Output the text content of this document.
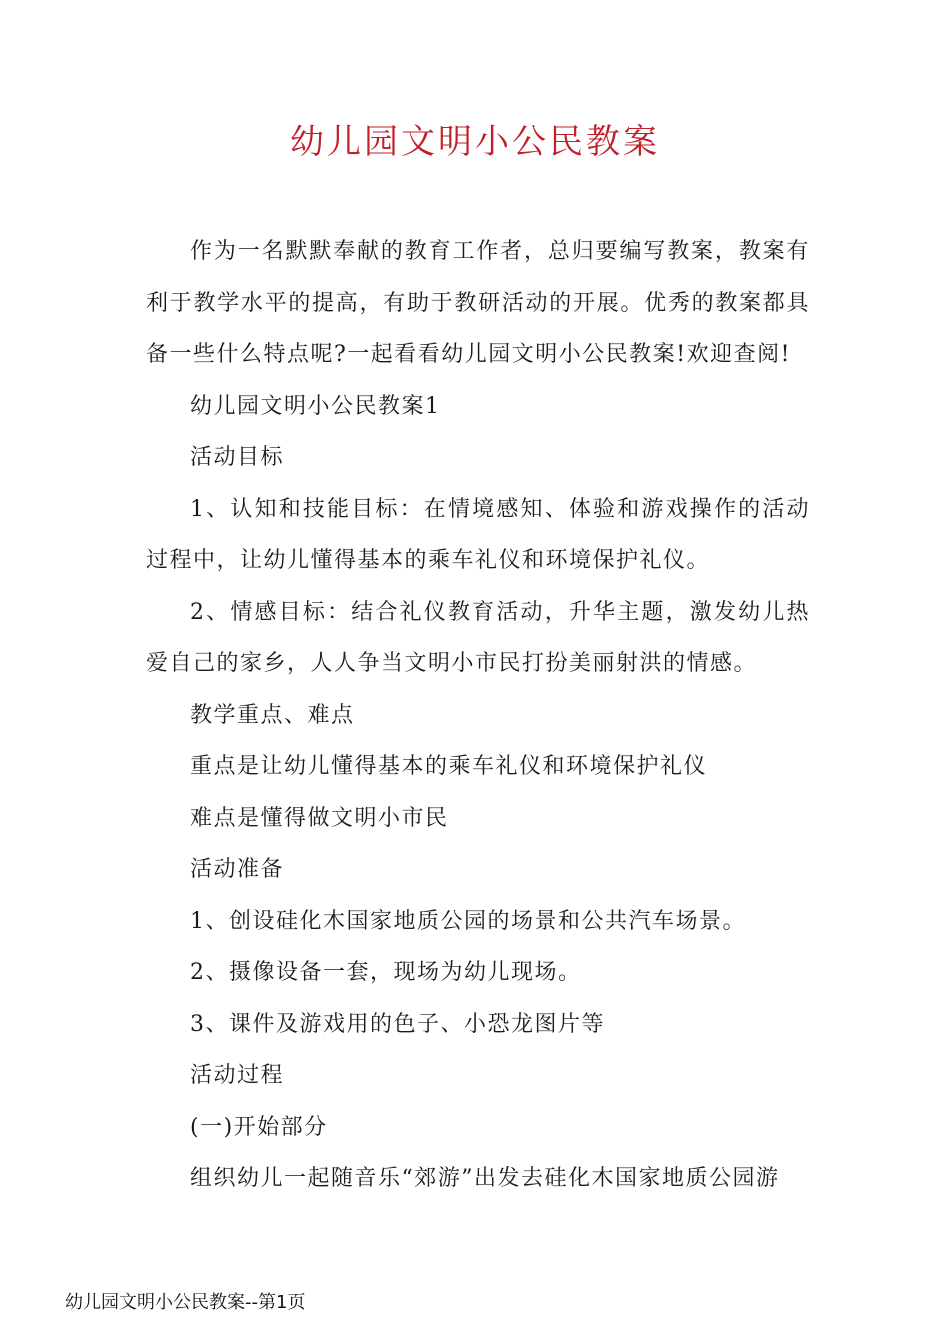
幼儿园文明小公民教案

作为一名默默奉献的教育工作者，总归要编写教案，教案有利于教学水平的提高，有助于教研活动的开展。优秀的教案都具备一些什么特点呢?一起看看幼儿园文明小公民教案!欢迎查阅!

幼儿园文明小公民教案1

活动目标

1、认知和技能目标：在情境感知、体验和游戏操作的活动过程中，让幼儿懂得基本的乘车礼仪和环境保护礼仪。

2、情感目标：结合礼仪教育活动，升华主题，激发幼儿热爱自己的家乡，人人争当文明小市民打扮美丽射洪的情感。

教学重点、难点

重点是让幼儿懂得基本的乘车礼仪和环境保护礼仪

难点是懂得做文明小市民

活动准备

1、创设硅化木国家地质公园的场景和公共汽车场景。

2、摄像设备一套，现场为幼儿现场。

3、课件及游戏用的色子、小恐龙图片等

活动过程

(一)开始部分

组织幼儿一起随音乐“郊游”出发去硅化木国家地质公园游

幼儿园文明小公民教案--第1页
